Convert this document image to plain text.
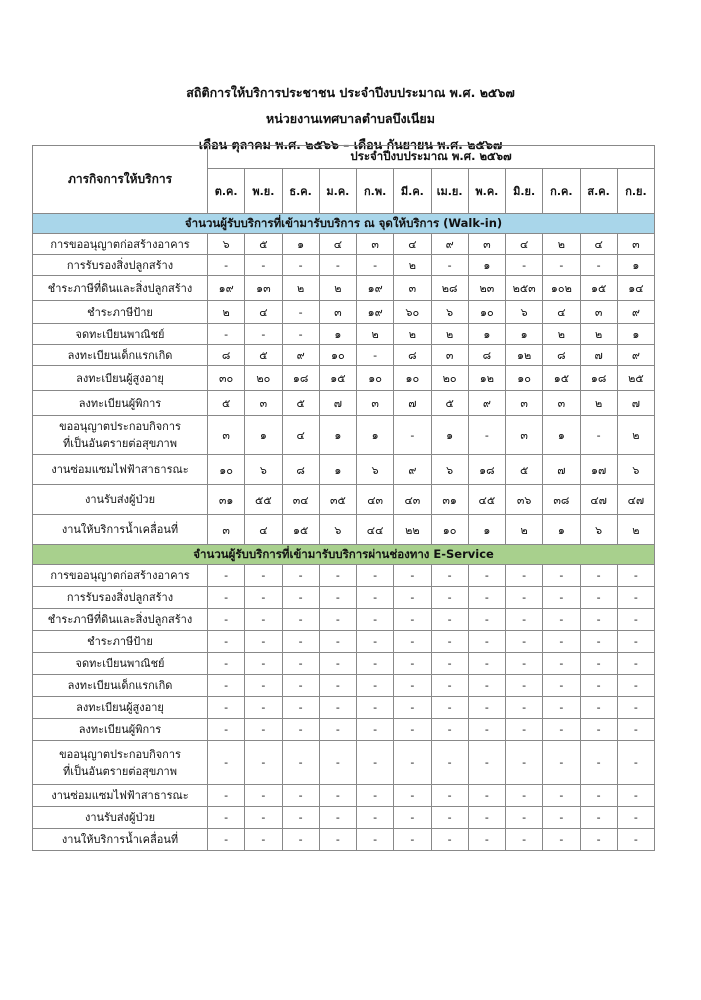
สถิติการให้บริการประชาชน ประจำปีงบประมาณ พ.ศ. ๒๕๖๗
หน่วยงานเทศบาลตำบลบึงเนียม
เดือน ตุลาคม พ.ศ. ๒๕๖๖ – เดือน กันยายน พ.ศ. ๒๕๖๗
ภารกิจการให้บริการ	ประจำปีงบประมาณ พ.ศ. ๒๕๖๗											
	ต.ค.	พ.ย.	ธ.ค.	ม.ค.	ก.พ.	มี.ค.	เม.ย.	พ.ค.	มิ.ย.	ก.ค.	ส.ค.	ก.ย.
จำนวนผู้รับบริการที่เข้ามารับบริการ ณ จุดให้บริการ (Walk-in)												
การขออนุญาตก่อสร้างอาคาร	๖	๕	๑	๔	๓	๔	๙	๓	๔	๒	๔	๓
การรับรองสิ่งปลูกสร้าง	-	-	-	-	-	๒	-	๑	-	-	-	๑
ชำระภาษีที่ดินและสิ่งปลูกสร้าง	๑๙	๑๓	๒	๒	๑๙	๓	๒๘	๒๓	๒๕๓	๑๐๒	๑๕	๑๔
ชำระภาษีป้าย	๒	๔	-	๓	๑๙	๖๐	๖	๑๐	๖	๔	๓	๙
จดทะเบียนพาณิชย์	-	-	-	๑	๒	๒	๒	๑	๑	๒	๒	๑
ลงทะเบียนเด็กแรกเกิด	๘	๕	๙	๑๐	-	๘	๓	๘	๑๒	๘	๗	๙
ลงทะเบียนผู้สูงอายุ	๓๐	๒๐	๑๘	๑๕	๑๐	๑๐	๒๐	๑๒	๑๐	๑๕	๑๘	๒๕
ลงทะเบียนผู้พิการ	๕	๓	๕	๗	๓	๗	๕	๙	๓	๓	๒	๗

ขออนุญาตประกอบกิจการ
ที่เป็นอันตรายต่อสุขภาพ	๓	๑	๔	๑	๑	-	๑	-	๓	๑	-	๒
งานซ่อมแซมไฟฟ้าสาธารณะ	๑๐	๖	๘	๑	๖	๙	๖	๑๘	๕	๗	๑๗	๖
งานรับส่งผู้ป่วย	๓๑	๕๕	๓๔	๓๕	๔๓	๔๓	๓๑	๔๕	๓๖	๓๘	๔๗	๔๗
งานให้บริการน้ำเคลื่อนที่	๓	๔	๑๕	๖	๔๔	๒๒	๑๐	๑	๒	๑	๖	๒
จำนวนผู้รับบริการที่เข้ามารับบริการผ่านช่องทาง E-Service												
การขออนุญาตก่อสร้างอาคาร	-	-	-	-	-	-	-	-	-	-	-	-
การรับรองสิ่งปลูกสร้าง	-	-	-	-	-	-	-	-	-	-	-	-
ชำระภาษีที่ดินและสิ่งปลูกสร้าง	-	-	-	-	-	-	-	-	-	-	-	-
ชำระภาษีป้าย	-	-	-	-	-	-	-	-	-	-	-	-
จดทะเบียนพาณิชย์	-	-	-	-	-	-	-	-	-	-	-	-
ลงทะเบียนเด็กแรกเกิด	-	-	-	-	-	-	-	-	-	-	-	-
ลงทะเบียนผู้สูงอายุ	-	-	-	-	-	-	-	-	-	-	-	-
ลงทะเบียนผู้พิการ	-	-	-	-	-	-	-	-	-	-	-	-

ขออนุญาตประกอบกิจการ
ที่เป็นอันตรายต่อสุขภาพ	-	-	-	-	-	-	-	-	-	-	-	-
งานซ่อมแซมไฟฟ้าสาธารณะ	-	-	-	-	-	-	-	-	-	-	-	-
งานรับส่งผู้ป่วย	-	-	-	-	-	-	-	-	-	-	-	-
งานให้บริการน้ำเคลื่อนที่	-	-	-	-	-	-	-	-	-	-	-	-
